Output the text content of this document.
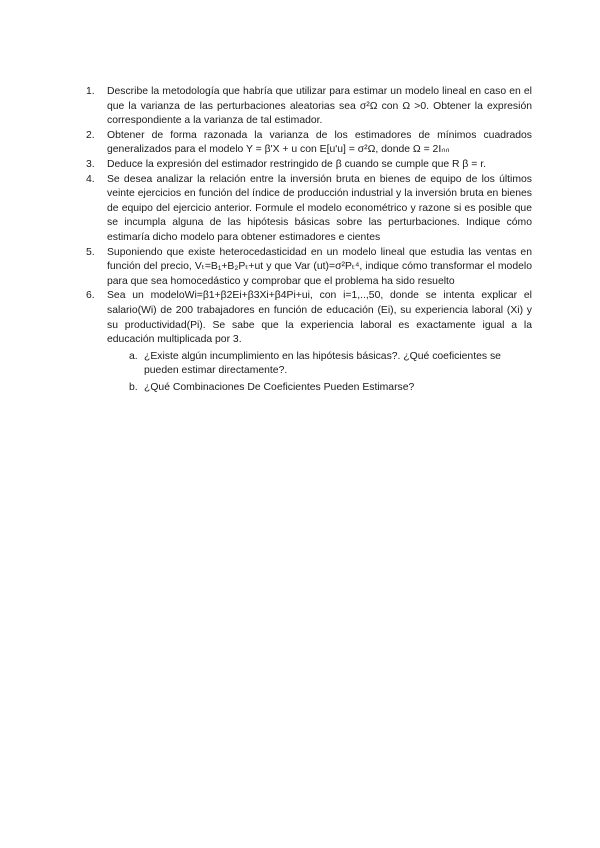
1. Describe la metodología que habría que utilizar para estimar un modelo lineal en caso en el que la varianza de las perturbaciones aleatorias sea σ²Ω con Ω >0. Obtener la expresión correspondiente a la varianza de tal estimador.
2. Obtener de forma razonada la varianza de los estimadores de mínimos cuadrados generalizados para el modelo Y = β'X + u con E[u'u] = σ²Ω, donde Ω = 2Iₙₙ
3. Deduce la expresión del estimador restringido de β cuando se cumple que R β = r.
4. Se desea analizar la relación entre la inversión bruta en bienes de equipo de los últimos veinte ejercicios en función del índice de producción industrial y la inversión bruta en bienes de equipo del ejercicio anterior. Formule el modelo econométrico y razone si es posible que se incumpla alguna de las hipótesis básicas sobre las perturbaciones. Indique cómo estimaría dicho modelo para obtener estimadores e cientes
5. Suponiendo que existe heterocedasticidad en un modelo lineal que estudia las ventas en función del precio, Vₜ=B₁+B₂Pₜ+ut y que Var (ut)=σ²Pₜ⁴, indique cómo transformar el modelo para que sea homocedástico y comprobar que el problema ha sido resuelto
6. Sea un modeloWi=β1+β2Ei+β3Xi+β4Pi+ui, con i=1,..,50, donde se intenta explicar el salario(Wi) de 200 trabajadores en función de educación (Ei), su experiencia laboral (Xi) y su productividad(Pi). Se sabe que la experiencia laboral es exactamente igual a la educación multiplicada por 3.
a. ¿Existe algún incumplimiento en las hipótesis básicas?. ¿Qué coeficientes se pueden estimar directamente?.
b. ¿Qué Combinaciones De Coeficientes Pueden Estimarse?
